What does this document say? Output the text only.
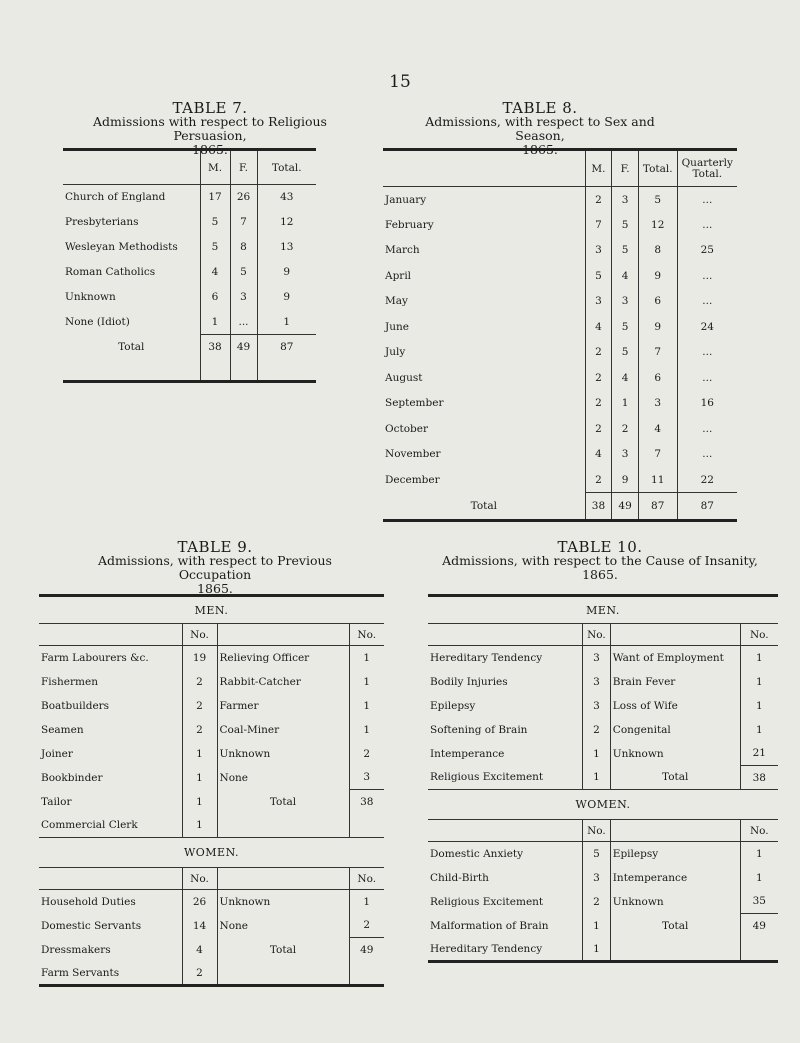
15
TABLE 7.
Admissions with respect to Religious Persuasion,
1865.
	M.	F.	Total.
Church of England	17	26	43
Presbyterians	5	7	12
Wesleyan Methodists	5	8	13
Roman Catholics	4	5	9
Unknown	6	3	9
None (Idiot)	1	...	1
Total	38	49	87

TABLE 8.
Admissions, with respect to Sex and Season,
1865.
	M.	F.	Total.	Quarterly Total.
January	2	3	5	...
February	7	5	12	...
March	3	5	8	25
April	5	4	9	...
May	3	3	6	...
June	4	5	9	24
July	2	5	7	...
August	2	4	6	...
September	2	1	3	16
October	2	2	4	...
November	4	3	7	...
December	2	9	11	22
Total	38	49	87	87
TABLE 9.
Admissions, with respect to Previous Occupation
1865.
MEN.			
	No.		No.
Farm Labourers &c.	19	Relieving Officer	1
Fishermen	2	Rabbit-Catcher	1
Boatbuilders	2	Farmer	1
Seamen	2	Coal-Miner	1
Joiner	1	Unknown	2
Bookbinder	1	None	3
Tailor	1	Total	38
Commercial Clerk	1		
WOMEN.			
	No.		No.
Household Duties	26	Unknown	1
Domestic Servants	14	None	2
Dressmakers	4	Total	49
Farm Servants	2		
TABLE 10.
Admissions, with respect to the Cause of Insanity,
1865.
MEN.			
	No.		No.
Hereditary Tendency	3	Want of Employment	1
Bodily Injuries	3	Brain Fever	1
Epilepsy	3	Loss of Wife	1
Softening of Brain	2	Congenital	1
Intemperance	1	Unknown	21
Religious Excitement	1	Total	38
WOMEN.			
	No.		No.
Domestic Anxiety	5	Epilepsy	1
Child-Birth	3	Intemperance	1
Religious Excitement	2	Unknown	35
Malformation of Brain	1	Total	49
Hereditary Tendency	1		
